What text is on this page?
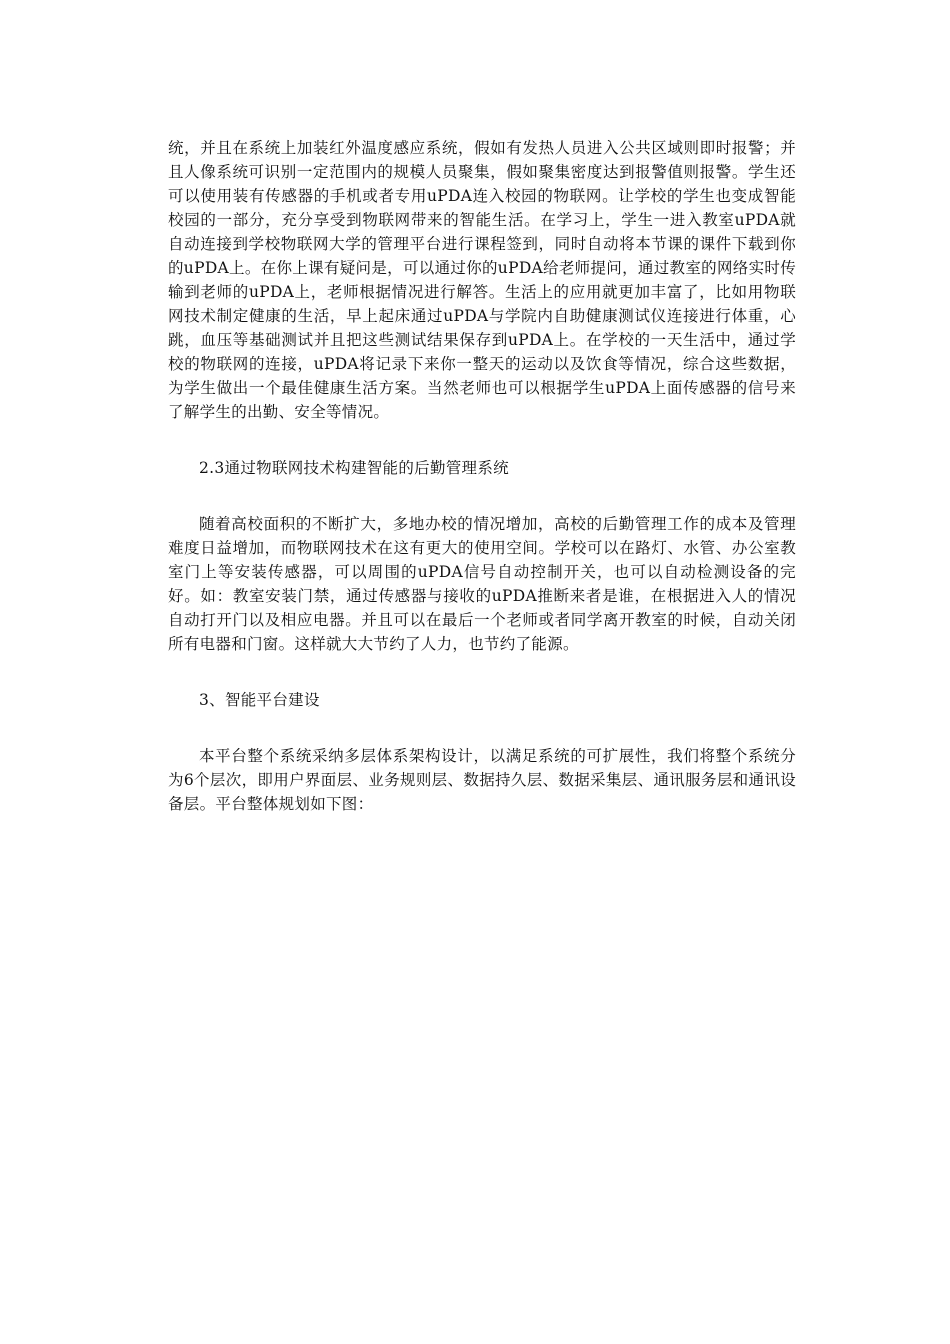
统，并且在系统上加装红外温度感应系统，假如有发热人员进入公共区域则即时报警；并且人像系统可识别一定范围内的规模人员聚集，假如聚集密度达到报警值则报警。学生还可以使用装有传感器的手机或者专用uPDA连入校园的物联网。让学校的学生也变成智能校园的一部分，充分享受到物联网带来的智能生活。在学习上，学生一进入教室uPDA就自动连接到学校物联网大学的管理平台进行课程签到，同时自动将本节课的课件下载到你的uPDA上。在你上课有疑问是，可以通过你的uPDA给老师提问，通过教室的网络实时传输到老师的uPDA上，老师根据情况进行解答。生活上的应用就更加丰富了，比如用物联网技术制定健康的生活，早上起床通过uPDA与学院内自助健康测试仪连接进行体重，心跳，血压等基础测试并且把这些测试结果保存到uPDA上。在学校的一天生活中，通过学校的物联网的连接，uPDA将记录下来你一整天的运动以及饮食等情况，综合这些数据，为学生做出一个最佳健康生活方案。当然老师也可以根据学生uPDA上面传感器的信号来了解学生的出勤、安全等情况。

2.3通过物联网技术构建智能的后勤管理系统

随着高校面积的不断扩大，多地办校的情况增加，高校的后勤管理工作的成本及管理难度日益增加，而物联网技术在这有更大的使用空间。学校可以在路灯、水管、办公室教室门上等安装传感器，可以周围的uPDA信号自动控制开关，也可以自动检测设备的完好。如：教室安装门禁，通过传感器与接收的uPDA推断来者是谁，在根据进入人的情况自动打开门以及相应电器。并且可以在最后一个老师或者同学离开教室的时候，自动关闭所有电器和门窗。这样就大大节约了人力，也节约了能源。

3、智能平台建设

本平台整个系统采纳多层体系架构设计，以满足系统的可扩展性，我们将整个系统分为6个层次，即用户界面层、业务规则层、数据持久层、数据采集层、通讯服务层和通讯设备层。平台整体规划如下图：
